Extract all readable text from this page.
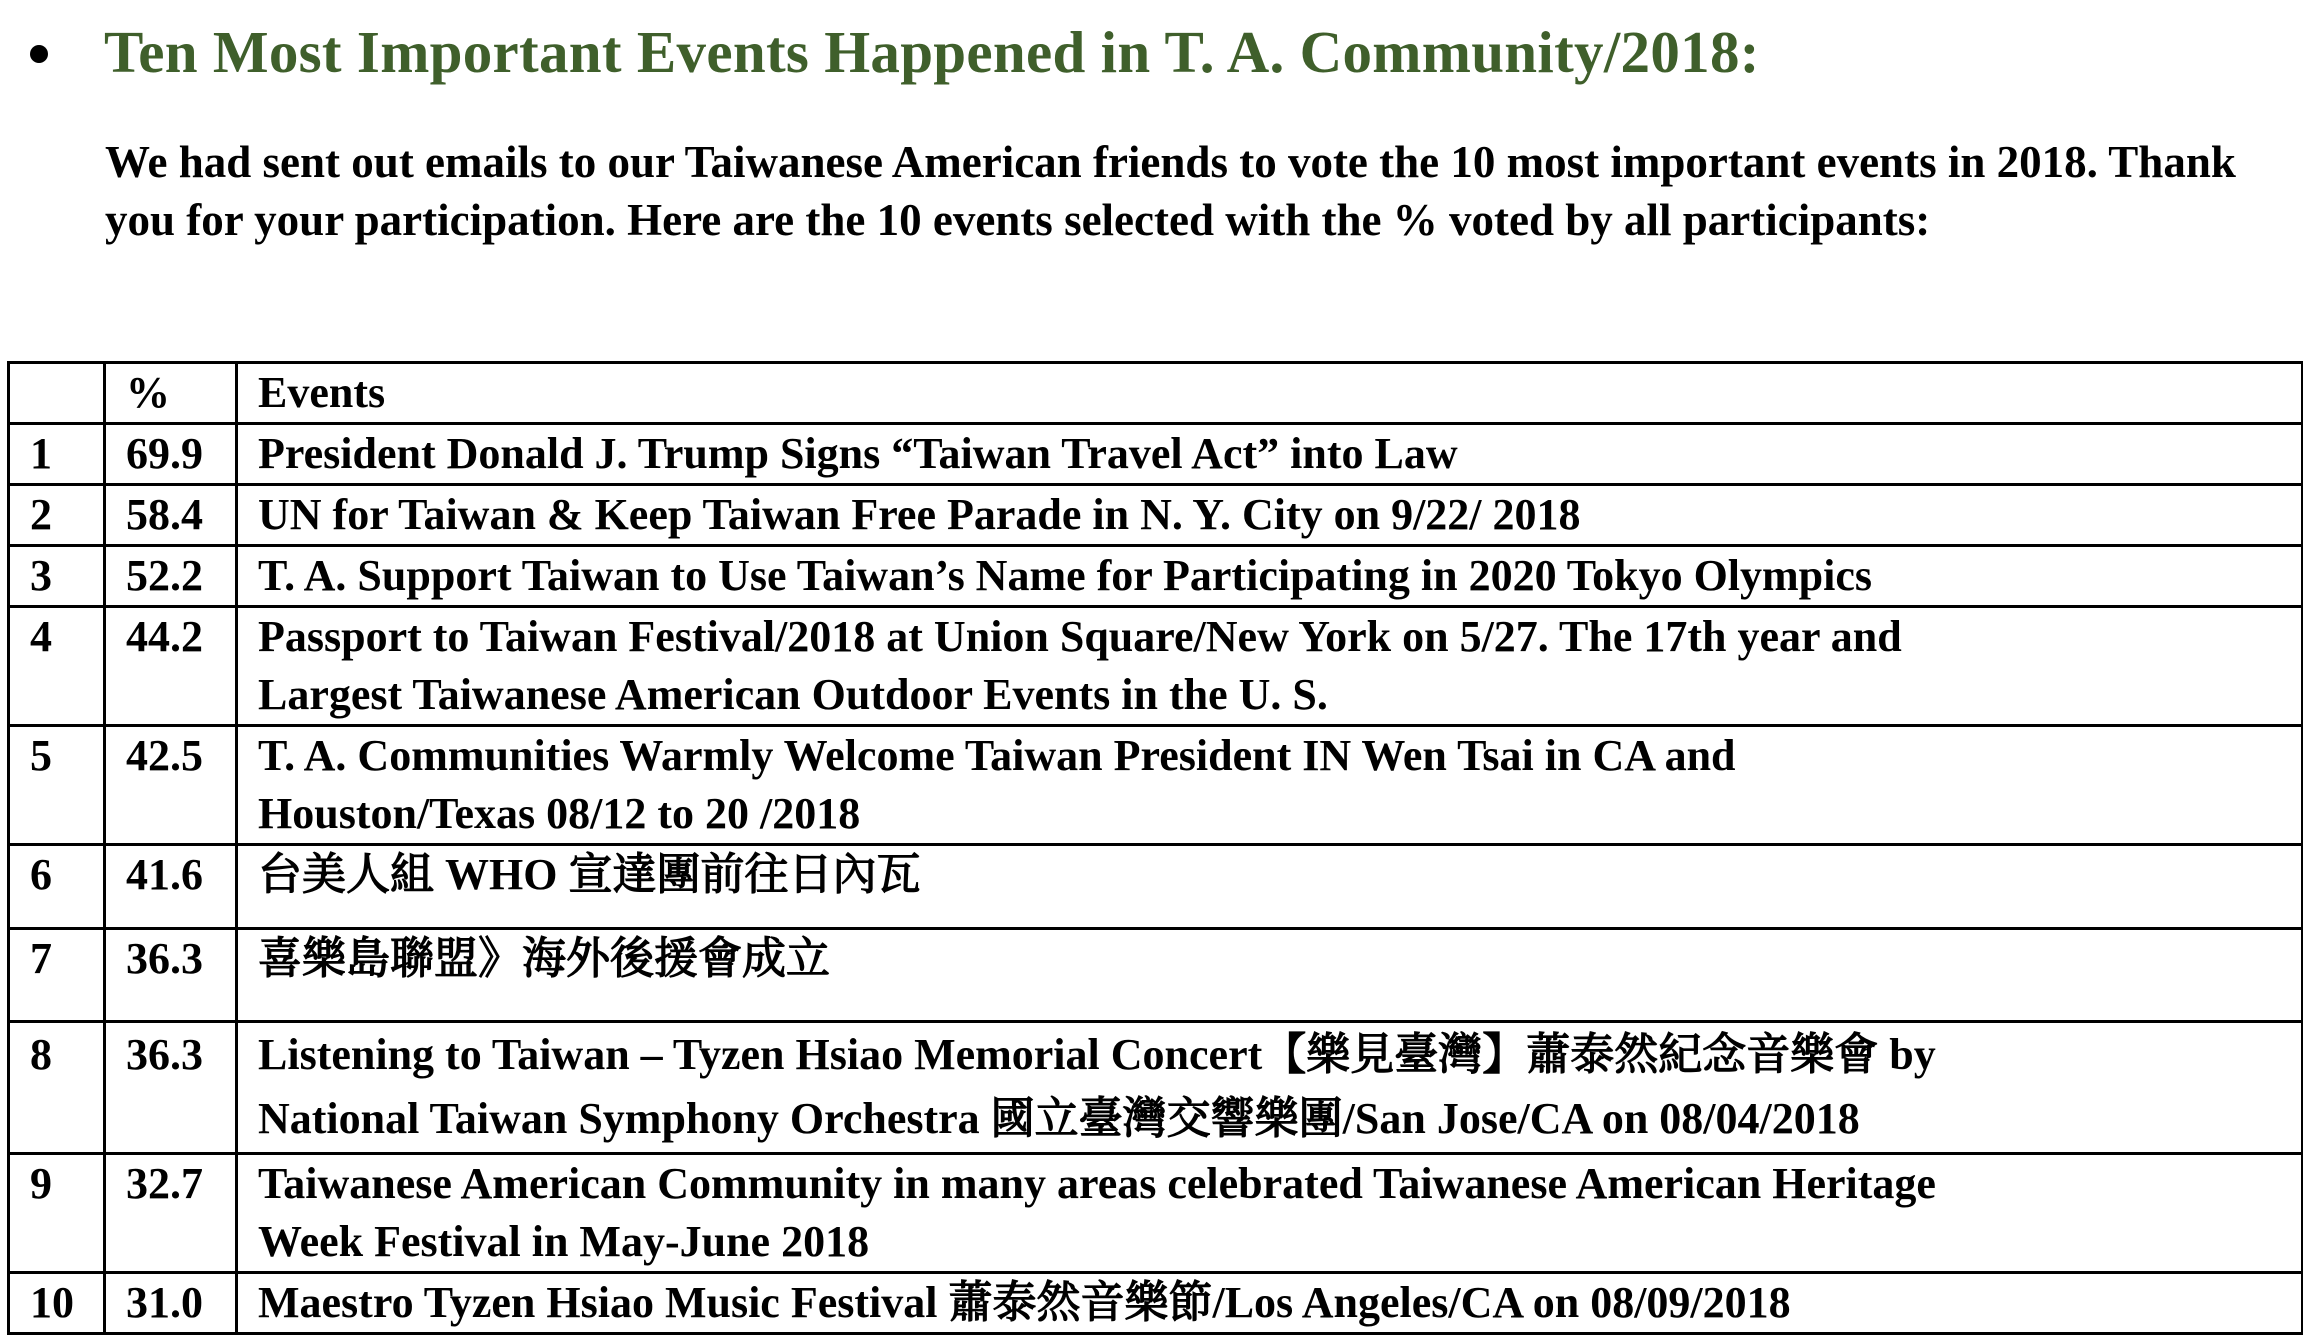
Ten Most Important Events Happened in T. A. Community/2018:

We had sent out emails to our Taiwanese American friends to vote the 10 most important events in 2018. Thank you for your participation. Here are the 10 events selected with the % voted by all participants:

	%	Events
1	69.9	President Donald J. Trump Signs “Taiwan Travel Act” into Law

2	58.4	UN for Taiwan & Keep Taiwan Free Parade in N. Y. City on 9/22/ 2018

3	52.2	T. A. Support Taiwan to Use Taiwan’s Name for Participating in 2020 Tokyo Olympics

4	44.2	Passport to Taiwan Festival/2018 at Union Square/New York on 5/27. The 17th year and
Largest Taiwanese American Outdoor Events in the U. S.

5	42.5	T. A. Communities Warmly Welcome Taiwan President IN Wen Tsai in CA and
Houston/Texas 08/12 to 20 /2018

6	41.6	台美人組 WHO 宣達團前往日內瓦

7	36.3	喜樂島聯盟》海外後援會成立

8	36.3	Listening to Taiwan – Tyzen Hsiao Memorial Concert【樂見臺灣】蕭泰然紀念音樂會 by
National Taiwan Symphony Orchestra 國立臺灣交響樂團/San Jose/CA on 08/04/2018

9	32.7	Taiwanese American Community in many areas celebrated Taiwanese American Heritage
Week Festival in May-June 2018

10	31.0	Maestro Tyzen Hsiao Music Festival 蕭泰然音樂節/Los Angeles/CA on 08/09/2018
